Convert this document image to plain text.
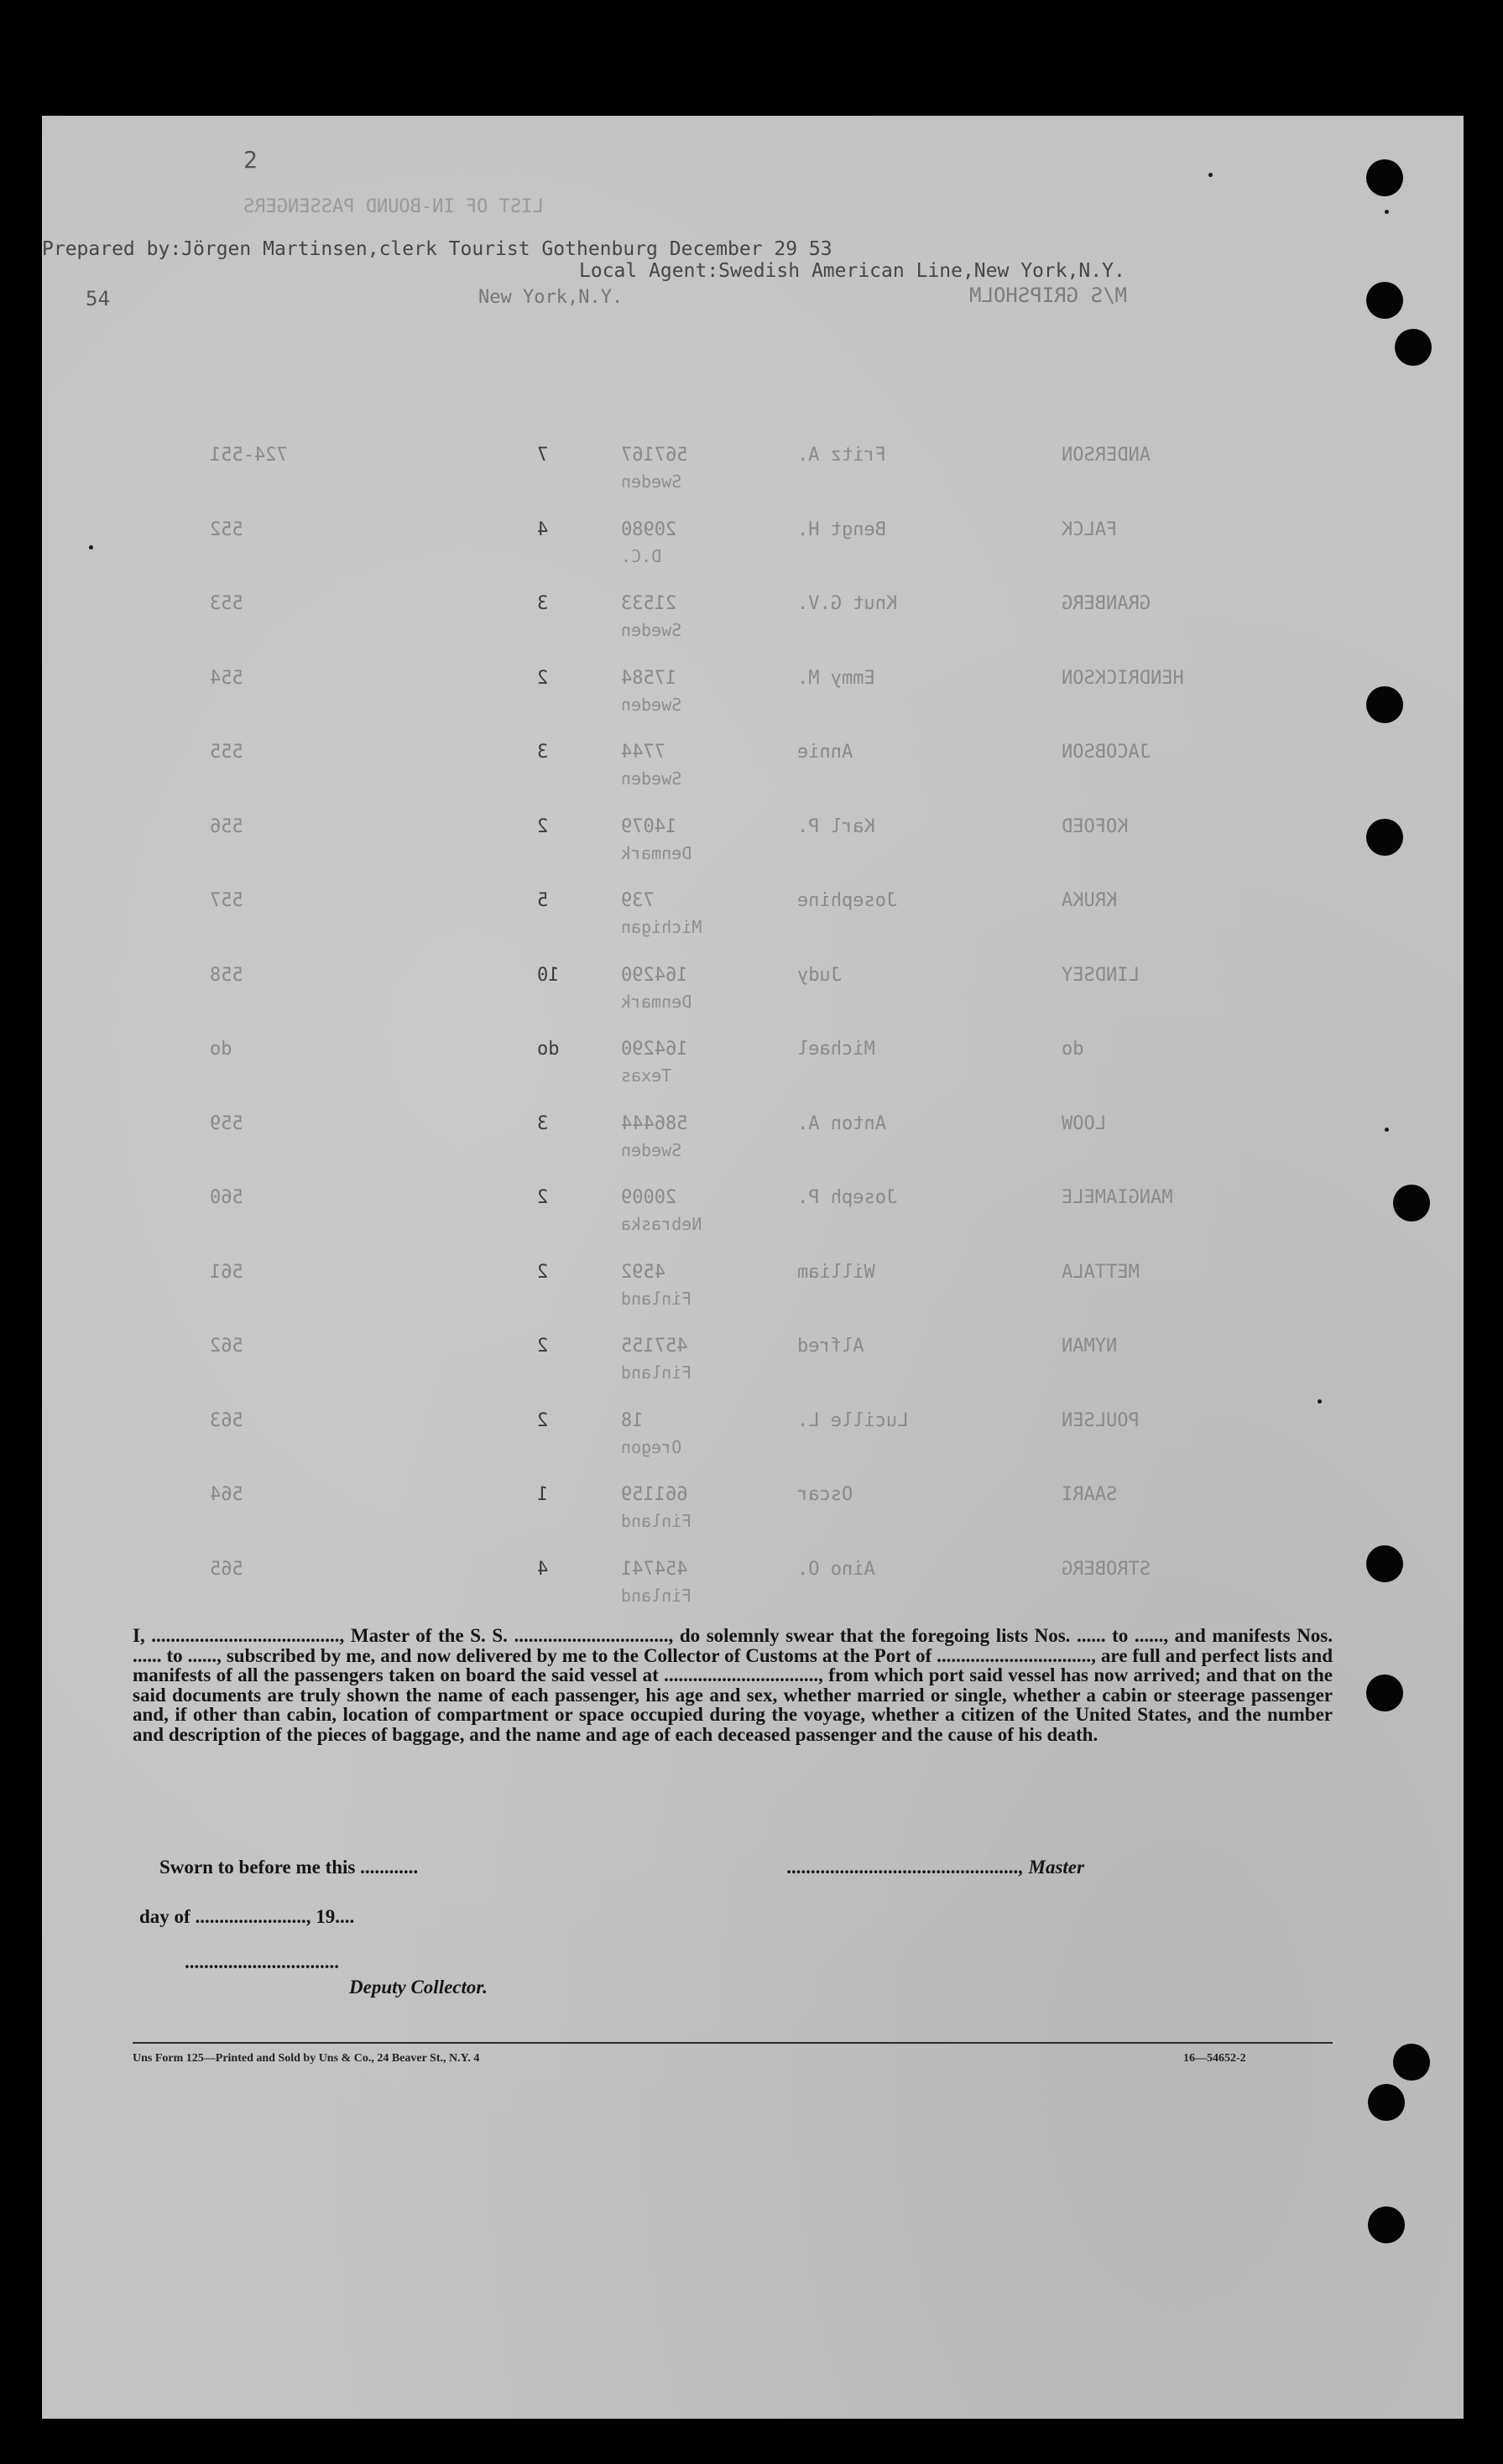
2
LIST OF IN-BOUND PASSENGERS
Prepared by:Jörgen Martinsen,clerk Tourist Gothenburg December 29 53
Local Agent:Swedish American Line,New York,N.Y.
M/S GRIPSHOLM
New York,N.Y.
54
ANDERSON
Fritz A.
567167
7
724-551
Sweden
FALCK
Bengt H.
20980
4
552
D.C.
GRANBERG
Knut G.V.
21533
3
553
Sweden
HENDRICKSON
Emmy M.
17584
2
554
Sweden
JACOBSON
Annie
7744
3
555
Sweden
KOFOED
Karl P.
14079
2
556
Denmark
KRUKA
Josephine
739
5
557
Michigan
LINDSEY
Judy
164290
10
558
Denmark
do
Michael
164290
do
do
Texas
LOOW
Anton A.
586444
3
559
Sweden
MANGIAMELE
Joseph P.
20009
2
560
Nebraska
METTALA
William
4592
2
561
Finland
NYMAN
Alfred
457155
2
562
Finland
POULSEN
Lucille L.
18
2
563
Oregon
SAARI
Oscar
661159
1
564
Finland
STROBERG
Aino O.
454741
4
565
Finland
I, ......................................., Master of the S. S. ................................, do solemnly swear that the foregoing lists Nos. ...... to ......, and manifests Nos. ...... to ......, subscribed by me, and now delivered by me to the Collector of Customs at the Port of ................................, are full and perfect lists and manifests of all the passengers taken on board the said vessel at ................................, from which port said vessel has now arrived; and that on the said documents are truly shown the name of each passenger, his age and sex, whether married or single, whether a cabin or steerage passenger and, if other than cabin, location of compartment or space occupied during the voyage, whether a citizen of the United States, and the number and description of the pieces of baggage, and the name and age of each deceased passenger and the cause of his death.
Sworn to before me this ............	................................................, Master
day of ......................., 19....
................................
Deputy Collector.
Uns Form 125—Printed and Sold by Uns & Co., 24 Beaver St., N.Y. 4	16—54652-2
